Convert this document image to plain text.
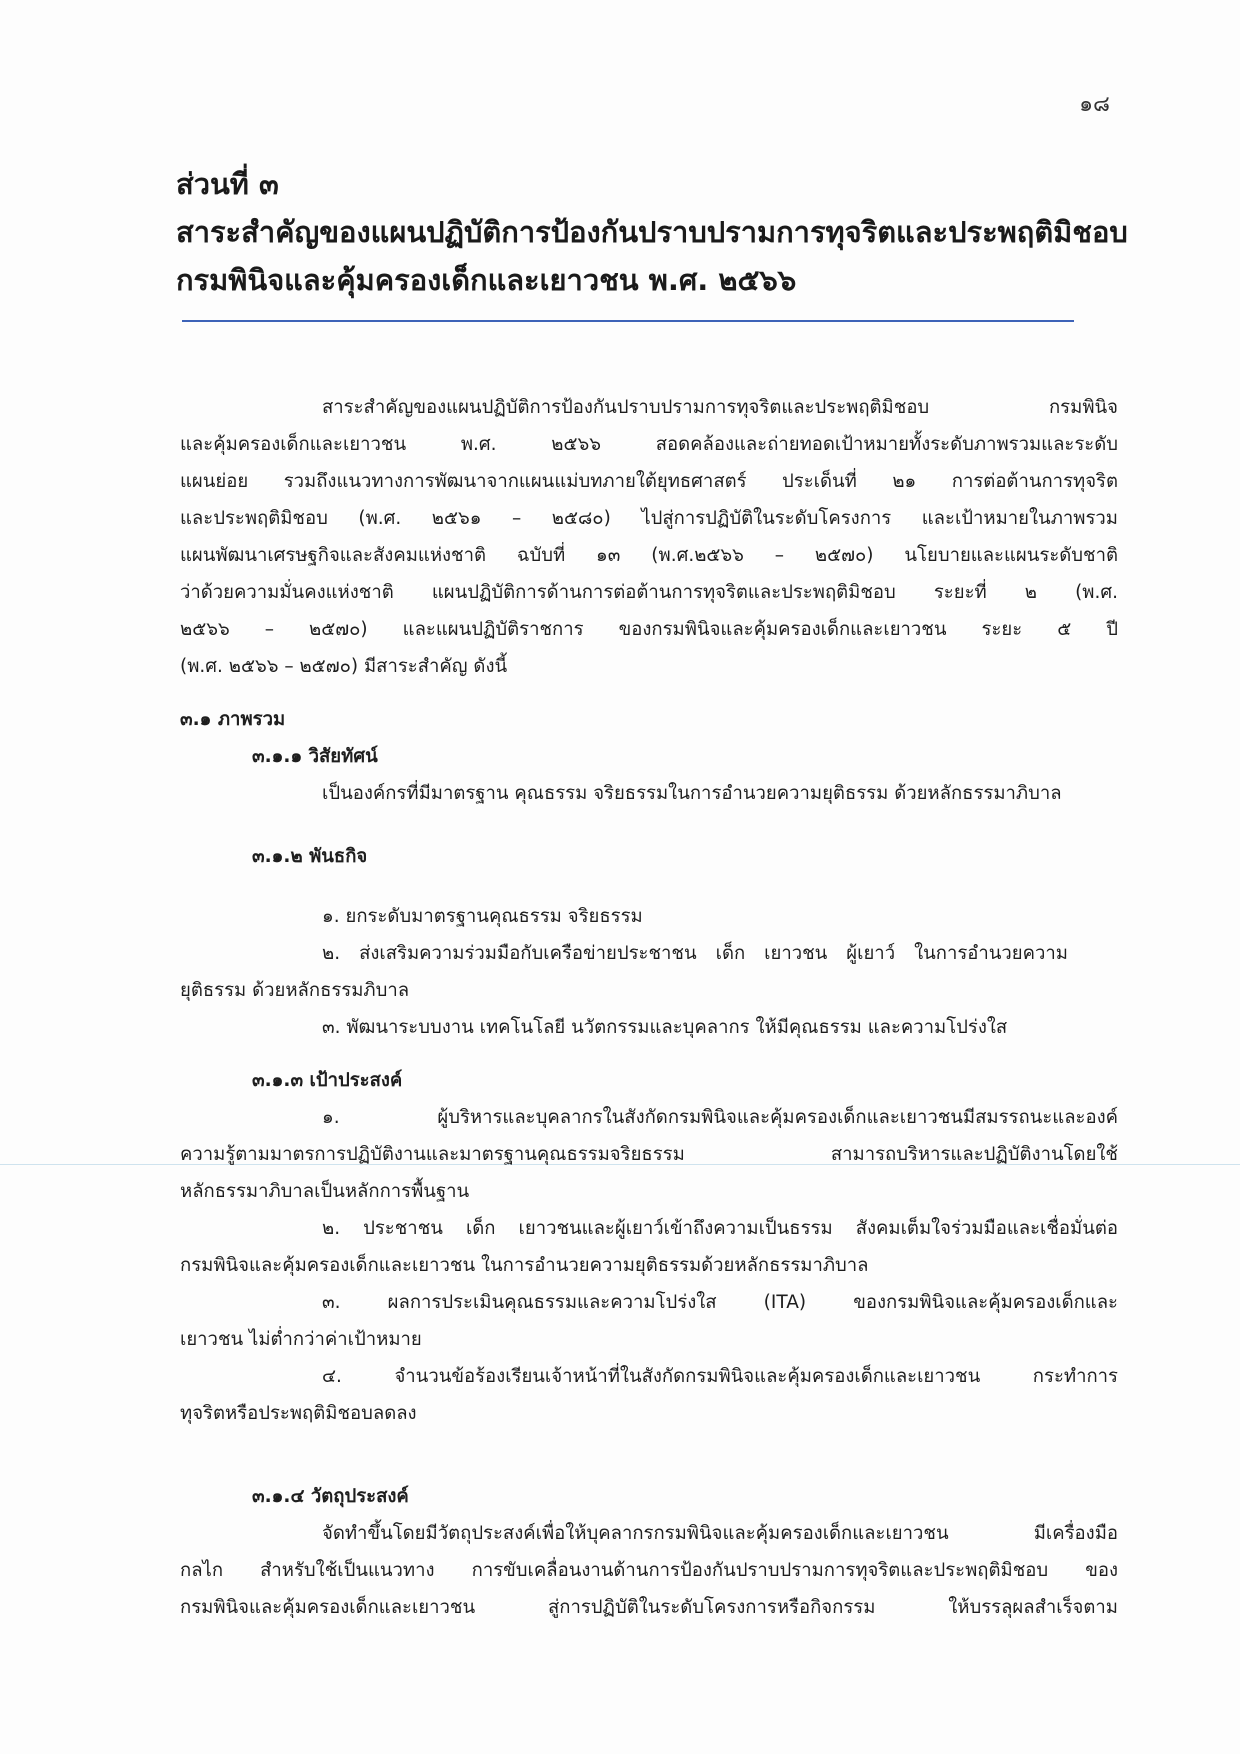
๑๘
ส่วนที่ ๓
สาระสำคัญของแผนปฏิบัติการป้องกันปราบปรามการทุจริตและประพฤติมิชอบ
กรมพินิจและคุ้มครองเด็กและเยาวชน พ.ศ. ๒๕๖๖
สาระสำคัญของแผนปฏิบัติการป้องกันปราบปรามการทุจริตและประพฤติมิชอบ กรมพินิจ
และคุ้มครองเด็กและเยาวชน พ.ศ. ๒๕๖๖ สอดคล้องและถ่ายทอดเป้าหมายทั้งระดับภาพรวมและระดับ
แผนย่อย รวมถึงแนวทางการพัฒนาจากแผนแม่บทภายใต้ยุทธศาสตร์ ประเด็นที่ ๒๑ การต่อต้านการทุจริต
และประพฤติมิชอบ (พ.ศ. ๒๕๖๑ – ๒๕๘๐) ไปสู่การปฏิบัติในระดับโครงการ และเป้าหมายในภาพรวม
แผนพัฒนาเศรษฐกิจและสังคมแห่งชาติ ฉบับที่ ๑๓ (พ.ศ.๒๕๖๖ – ๒๕๗๐) นโยบายและแผนระดับชาติ
ว่าด้วยความมั่นคงแห่งชาติ แผนปฏิบัติการด้านการต่อต้านการทุจริตและประพฤติมิชอบ ระยะที่ ๒ (พ.ศ.
๒๕๖๖ – ๒๕๗๐) และแผนปฏิบัติราชการ ของกรมพินิจและคุ้มครองเด็กและเยาวชน ระยะ ๕ ปี
(พ.ศ. ๒๕๖๖ – ๒๕๗๐) มีสาระสำคัญ ดังนี้
๓.๑ ภาพรวม
๓.๑.๑ วิสัยทัศน์
เป็นองค์กรที่มีมาตรฐาน คุณธรรม จริยธรรมในการอำนวยความยุติธรรม ด้วยหลักธรรมาภิบาล
๓.๑.๒ พันธกิจ
๑. ยกระดับมาตรฐานคุณธรรม จริยธรรม
๒. ส่งเสริมความร่วมมือกับเครือข่ายประชาชน เด็ก เยาวชน ผู้เยาว์ ในการอำนวยความ
ยุติธรรม ด้วยหลักธรรมภิบาล
๓. พัฒนาระบบงาน เทคโนโลยี นวัตกรรมและบุคลากร ให้มีคุณธรรม และความโปร่งใส
๓.๑.๓ เป้าประสงค์
๑. ผู้บริหารและบุคลากรในสังกัดกรมพินิจและคุ้มครองเด็กและเยาวชนมีสมรรถนะและองค์
ความรู้ตามมาตรการปฏิบัติงานและมาตรฐานคุณธรรมจริยธรรม สามารถบริหารและปฏิบัติงานโดยใช้
หลักธรรมาภิบาลเป็นหลักการพื้นฐาน
๒. ประชาชน เด็ก เยาวชนและผู้เยาว์เข้าถึงความเป็นธรรม สังคมเต็มใจร่วมมือและเชื่อมั่นต่อ
กรมพินิจและคุ้มครองเด็กและเยาวชน ในการอำนวยความยุติธรรมด้วยหลักธรรมาภิบาล
๓. ผลการประเมินคุณธรรมและความโปร่งใส (ITA) ของกรมพินิจและคุ้มครองเด็กและ
เยาวชน ไม่ต่ำกว่าค่าเป้าหมาย
๔. จำนวนข้อร้องเรียนเจ้าหน้าที่ในสังกัดกรมพินิจและคุ้มครองเด็กและเยาวชน กระทำการ
ทุจริตหรือประพฤติมิชอบลดลง
๓.๑.๔ วัตถุประสงค์
จัดทำขึ้นโดยมีวัตถุประสงค์เพื่อให้บุคลากรกรมพินิจและคุ้มครองเด็กและเยาวชน มีเครื่องมือ
กลไก สำหรับใช้เป็นแนวทาง การขับเคลื่อนงานด้านการป้องกันปราบปรามการทุจริตและประพฤติมิชอบ ของ
กรมพินิจและคุ้มครองเด็กและเยาวชน สู่การปฏิบัติในระดับโครงการหรือกิจกรรม ให้บรรลุผลสำเร็จตาม
